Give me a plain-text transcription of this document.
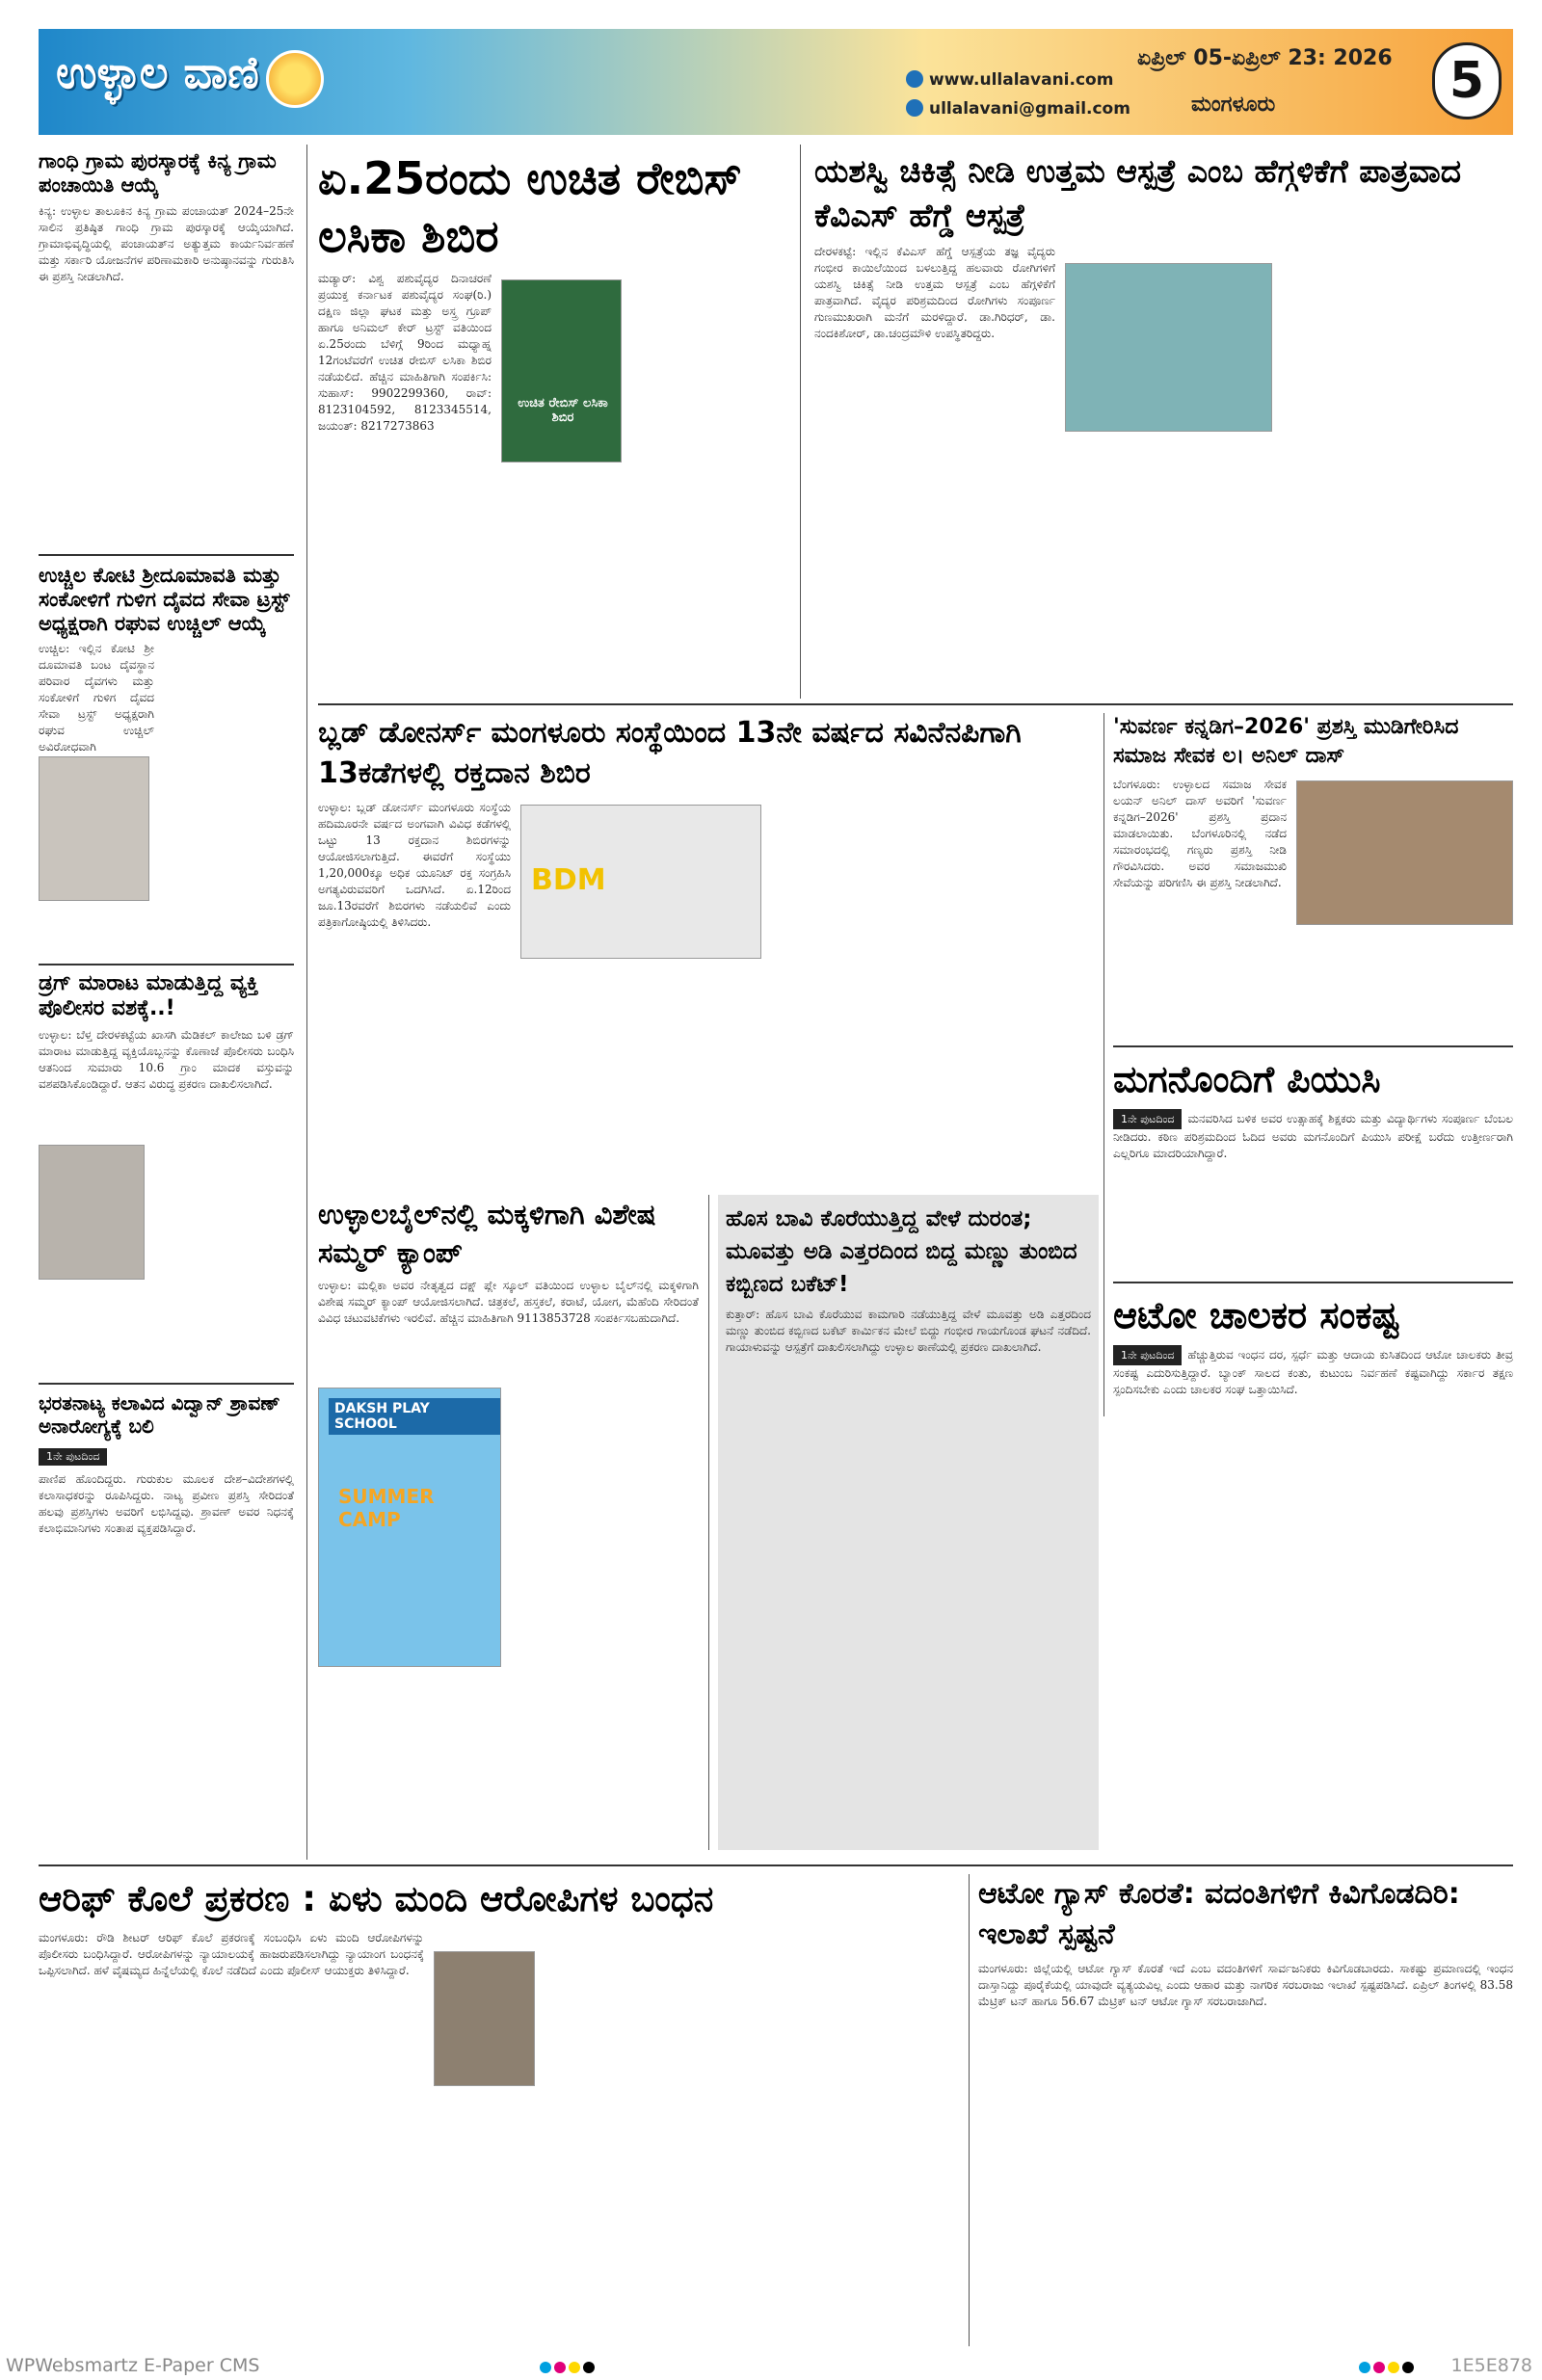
ಉಳ್ಳಾಲ ವಾಣಿ	www.ullalavani.com
ullalavani@gmail.com
ಏಪ್ರಿಲ್ 05-ಏಪ್ರಿಲ್ 23: 2026
ಮಂಗಳೂರು	5
ಗಾಂಧಿ ಗ್ರಾಮ ಪುರಸ್ಕಾರಕ್ಕೆ ಕಿನ್ಯ ಗ್ರಾಮ ಪಂಚಾಯಿತಿ ಆಯ್ಕೆ
ಕಿನ್ಯ: ಉಳ್ಳಾಲ ತಾಲೂಕಿನ ಕಿನ್ಯ ಗ್ರಾಮ ಪಂಚಾಯತ್ 2024–25ನೇ ಸಾಲಿನ ಪ್ರತಿಷ್ಠಿತ ಗಾಂಧಿ ಗ್ರಾಮ ಪುರಸ್ಕಾರಕ್ಕೆ ಆಯ್ಕೆಯಾಗಿದೆ. ಗ್ರಾಮಾಭಿವೃದ್ಧಿಯಲ್ಲಿ ಪಂಚಾಯತ್‌ನ ಅತ್ಯುತ್ತಮ ಕಾರ್ಯನಿರ್ವಹಣೆ ಮತ್ತು ಸರ್ಕಾರಿ ಯೋಜನೆಗಳ ಪರಿಣಾಮಕಾರಿ ಅನುಷ್ಠಾನವನ್ನು ಗುರುತಿಸಿ ಈ ಪ್ರಶಸ್ತಿ ನೀಡಲಾಗಿದೆ.
ಉಚ್ಚಿಲ ಕೋಟಿ ಶ್ರೀದೂಮಾವತಿ ಮತ್ತು ಸಂಕೋಳಿಗೆ ಗುಳಿಗ ದೈವದ ಸೇವಾ ಟ್ರಸ್ಟ್ ಅಧ್ಯಕ್ಷರಾಗಿ ರಘುವ ಉಚ್ಚಿಲ್ ಆಯ್ಕೆ
ಉಚ್ಚಿಲ: ಇಲ್ಲಿನ ಕೋಟಿ ಶ್ರೀ ದೂಮಾವತಿ ಬಂಟ ದೈವಸ್ಥಾನ ಪರಿವಾರ ದೈವಗಳು ಮತ್ತು ಸಂಕೋಳಿಗೆ ಗುಳಿಗ ದೈವದ ಸೇವಾ ಟ್ರಸ್ಟ್ ಅಧ್ಯಕ್ಷರಾಗಿ ರಘುವ ಉಚ್ಚಿಲ್ ಅವಿರೋಧವಾಗಿ
ಡ್ರಗ್ ಮಾರಾಟ ಮಾಡುತ್ತಿದ್ದ ವ್ಯಕ್ತಿ ಪೊಲೀಸರ ವಶಕ್ಕೆ..!
ಉಳ್ಳಾಲ: ಬೆಳ್ತ ದೇರಳಕಟ್ಟೆಯ ಖಾಸಗಿ ಮೆಡಿಕಲ್ ಕಾಲೇಜು ಬಳಿ ಡ್ರಗ್ ಮಾರಾಟ ಮಾಡುತ್ತಿದ್ದ ವ್ಯಕ್ತಿಯೊಬ್ಬನನ್ನು ಕೊಣಾಜೆ ಪೊಲೀಸರು ಬಂಧಿಸಿ ಆತನಿಂದ ಸುಮಾರು 10.6 ಗ್ರಾಂ ಮಾದಕ ವಸ್ತುವನ್ನು ವಶಪಡಿಸಿಕೊಂಡಿದ್ದಾರೆ. ಆತನ ವಿರುದ್ಧ ಪ್ರಕರಣ ದಾಖಲಿಸಲಾಗಿದೆ.
ಭರತನಾಟ್ಯ ಕಲಾವಿದ ವಿದ್ವಾನ್ ಶ್ರಾವಣ್ ಅನಾರೋಗ್ಯಕ್ಕೆ ಬಲಿ
1ನೇ ಪುಟದಿಂದ
ಪಾಣಿಪ ಹೊಂದಿದ್ದರು. ಗುರುಕುಲ ಮೂಲಕ ದೇಶ–ವಿದೇಶಗಳಲ್ಲಿ ಕಲಾಸಾಧಕರನ್ನು ರೂಪಿಸಿದ್ದರು. ನಾಟ್ಯ ಪ್ರವೀಣ ಪ್ರಶಸ್ತಿ ಸೇರಿದಂತೆ ಹಲವು ಪ್ರಶಸ್ತಿಗಳು ಅವರಿಗೆ ಲಭಿಸಿದ್ದವು. ಶ್ರಾವಣ್ ಅವರ ನಿಧನಕ್ಕೆ ಕಲಾಭಿಮಾನಿಗಳು ಸಂತಾಪ ವ್ಯಕ್ತಪಡಿಸಿದ್ದಾರೆ.
ಏ.25ರಂದು ಉಚಿತ ರೇಬಿಸ್ ಲಸಿಕಾ ಶಿಬಿರ
ಮಡ್ಯಾರ್: ವಿಶ್ವ ಪಶುವೈದ್ಯರ ದಿನಾಚರಣೆ ಪ್ರಯುಕ್ತ ಕರ್ನಾಟಕ ಪಶುವೈದ್ಯರ ಸಂಘ(ರಿ.) ದಕ್ಷಿಣ ಜಿಲ್ಲಾ ಘಟಕ ಮತ್ತು ಅಸ್ತ್ರ ಗ್ರೂಪ್ ಹಾಗೂ ಅನಿಮಲ್ ಕೇರ್ ಟ್ರಸ್ಟ್ ವತಿಯಿಂದ ಏ.25ರಂದು ಬೆಳಿಗ್ಗೆ 9ರಿಂದ ಮಧ್ಯಾಹ್ನ 12ಗಂಟೆವರೆಗೆ ಉಚಿತ ರೇಬಿಸ್ ಲಸಿಕಾ ಶಿಬಿರ ನಡೆಯಲಿದೆ. ಹೆಚ್ಚಿನ ಮಾಹಿತಿಗಾಗಿ ಸಂಪರ್ಕಿಸಿ: ಸುಹಾಸ್: 9902299360, ರಾವ್: 8123104592, 8123345514, ಜಯಂತ್: 8217273863
ಉಚಿತ ರೇಬಿಸ್ ಲಸಿಕಾ ಶಿಬಿರ
ಯಶಸ್ವಿ ಚಿಕಿತ್ಸೆ ನೀಡಿ ಉತ್ತಮ ಆಸ್ಪತ್ರೆ ಎಂಬ ಹೆಗ್ಗಳಿಕೆಗೆ ಪಾತ್ರವಾದ ಕೆವಿಎಸ್ ಹೆಗ್ಡೆ ಆಸ್ಪತ್ರೆ
ದೇರಳಕಟ್ಟೆ: ಇಲ್ಲಿನ ಕೆವಿಎಸ್ ಹೆಗ್ಡೆ ಆಸ್ಪತ್ರೆಯ ತಜ್ಞ ವೈದ್ಯರು ಗಂಭೀರ ಕಾಯಿಲೆಯಿಂದ ಬಳಲುತ್ತಿದ್ದ ಹಲವಾರು ರೋಗಿಗಳಿಗೆ ಯಶಸ್ವಿ ಚಿಕಿತ್ಸೆ ನೀಡಿ ಉತ್ತಮ ಆಸ್ಪತ್ರೆ ಎಂಬ ಹೆಗ್ಗಳಿಕೆಗೆ ಪಾತ್ರವಾಗಿದೆ. ವೈದ್ಯರ ಪರಿಶ್ರಮದಿಂದ ರೋಗಿಗಳು ಸಂಪೂರ್ಣ ಗುಣಮುಖರಾಗಿ ಮನೆಗೆ ಮರಳಿದ್ದಾರೆ. ಡಾ.ಗಿರಿಧರ್, ಡಾ. ನಂದಕಿಶೋರ್, ಡಾ.ಚಂದ್ರಮೌಳಿ ಉಪಸ್ಥಿತರಿದ್ದರು.
ಬ್ಲಡ್ ಡೋನರ್ಸ್ ಮಂಗಳೂರು ಸಂಸ್ಥೆಯಿಂದ 13ನೇ ವರ್ಷದ ಸವಿನೆನಪಿಗಾಗಿ 13ಕಡೆಗಳಲ್ಲಿ ರಕ್ತದಾನ ಶಿಬಿರ
ಉಳ್ಳಾಲ: ಬ್ಲಡ್ ಡೋನರ್ಸ್ ಮಂಗಳೂರು ಸಂಸ್ಥೆಯ ಹದಿಮೂರನೇ ವರ್ಷದ ಅಂಗವಾಗಿ ವಿವಿಧ ಕಡೆಗಳಲ್ಲಿ ಒಟ್ಟು 13 ರಕ್ತದಾನ ಶಿಬಿರಗಳನ್ನು ಆಯೋಜಿಸಲಾಗುತ್ತಿದೆ. ಈವರೆಗೆ ಸಂಸ್ಥೆಯು 1,20,000ಕ್ಕೂ ಅಧಿಕ ಯೂನಿಟ್ ರಕ್ತ ಸಂಗ್ರಹಿಸಿ ಅಗತ್ಯವಿರುವವರಿಗೆ ಒದಗಿಸಿದೆ. ಏ.12ರಿಂದ ಜೂ.13ರವರೆಗೆ ಶಿಬಿರಗಳು ನಡೆಯಲಿವೆ ಎಂದು ಪತ್ರಿಕಾಗೋಷ್ಠಿಯಲ್ಲಿ ತಿಳಿಸಿದರು.
BDM
'ಸುವರ್ಣ ಕನ್ನಡಿಗ–2026' ಪ್ರಶಸ್ತಿ ಮುಡಿಗೇರಿಸಿದ ಸಮಾಜ ಸೇವಕ ಲ। ಅನಿಲ್ ದಾಸ್
ಬೆಂಗಳೂರು: ಉಳ್ಳಾಲದ ಸಮಾಜ ಸೇವಕ ಲಯನ್ ಅನಿಲ್ ದಾಸ್ ಅವರಿಗೆ 'ಸುವರ್ಣ ಕನ್ನಡಿಗ–2026' ಪ್ರಶಸ್ತಿ ಪ್ರದಾನ ಮಾಡಲಾಯಿತು. ಬೆಂಗಳೂರಿನಲ್ಲಿ ನಡೆದ ಸಮಾರಂಭದಲ್ಲಿ ಗಣ್ಯರು ಪ್ರಶಸ್ತಿ ನೀಡಿ ಗೌರವಿಸಿದರು. ಅವರ ಸಮಾಜಮುಖಿ ಸೇವೆಯನ್ನು ಪರಿಗಣಿಸಿ ಈ ಪ್ರಶಸ್ತಿ ನೀಡಲಾಗಿದೆ.
ಮಗನೊಂದಿಗೆ ಪಿಯುಸಿ
1ನೇ ಪುಟದಿಂದ ಮನವರಿಸಿದ ಬಳಿಕ ಅವರ ಉತ್ಸಾಹಕ್ಕೆ ಶಿಕ್ಷಕರು ಮತ್ತು ವಿದ್ಯಾರ್ಥಿಗಳು ಸಂಪೂರ್ಣ ಬೆಂಬಲ ನೀಡಿದರು. ಕಠಿಣ ಪರಿಶ್ರಮದಿಂದ ಓದಿದ ಅವರು ಮಗನೊಂದಿಗೆ ಪಿಯುಸಿ ಪರೀಕ್ಷೆ ಬರೆದು ಉತ್ತೀರ್ಣರಾಗಿ ಎಲ್ಲರಿಗೂ ಮಾದರಿಯಾಗಿದ್ದಾರೆ.
ಆಟೋ ಚಾಲಕರ ಸಂಕಷ್ಟ
1ನೇ ಪುಟದಿಂದ ಹೆಚ್ಚುತ್ತಿರುವ ಇಂಧನ ದರ, ಸ್ಪರ್ಧೆ ಮತ್ತು ಆದಾಯ ಕುಸಿತದಿಂದ ಆಟೋ ಚಾಲಕರು ತೀವ್ರ ಸಂಕಷ್ಟ ಎದುರಿಸುತ್ತಿದ್ದಾರೆ. ಬ್ಯಾಂಕ್ ಸಾಲದ ಕಂತು, ಕುಟುಂಬ ನಿರ್ವಹಣೆ ಕಷ್ಟವಾಗಿದ್ದು ಸರ್ಕಾರ ತಕ್ಷಣ ಸ್ಪಂದಿಸಬೇಕು ಎಂದು ಚಾಲಕರ ಸಂಘ ಒತ್ತಾಯಿಸಿದೆ.
ಉಳ್ಳಾಲಬೈಲ್‌ನಲ್ಲಿ ಮಕ್ಕಳಿಗಾಗಿ ವಿಶೇಷ ಸಮ್ಮರ್ ಕ್ಯಾಂಪ್
ಉಳ್ಳಾಲ: ಮಲ್ಲಿಕಾ ಅವರ ನೇತೃತ್ವದ ದಕ್ಷ್ ಪ್ಲೇ ಸ್ಕೂಲ್ ವತಿಯಿಂದ ಉಳ್ಳಾಲ ಬೈಲ್‌ನಲ್ಲಿ ಮಕ್ಕಳಿಗಾಗಿ ವಿಶೇಷ ಸಮ್ಮರ್ ಕ್ಯಾಂಪ್ ಆಯೋಜಿಸಲಾಗಿದೆ. ಚಿತ್ರಕಲೆ, ಹಸ್ತಕಲೆ, ಕರಾಟೆ, ಯೋಗ, ಮೆಹೆಂದಿ ಸೇರಿದಂತೆ ವಿವಿಧ ಚಟುವಟಿಕೆಗಳು ಇರಲಿವೆ. ಹೆಚ್ಚಿನ ಮಾಹಿತಿಗಾಗಿ 9113853728 ಸಂಪರ್ಕಿಸಬಹುದಾಗಿದೆ.
DAKSH PLAY SCHOOL
SUMMER CAMP
ಹೊಸ ಬಾವಿ ಕೊರೆಯುತ್ತಿದ್ದ ವೇಳೆ ದುರಂತ; ಮೂವತ್ತು ಅಡಿ ಎತ್ತರದಿಂದ ಬಿದ್ದ ಮಣ್ಣು ತುಂಬಿದ ಕಬ್ಬಿಣದ ಬಕೆಟ್!
ಕುತ್ತಾರ್: ಹೊಸ ಬಾವಿ ಕೊರೆಯುವ ಕಾಮಗಾರಿ ನಡೆಯುತ್ತಿದ್ದ ವೇಳೆ ಮೂವತ್ತು ಅಡಿ ಎತ್ತರದಿಂದ ಮಣ್ಣು ತುಂಬಿದ ಕಬ್ಬಿಣದ ಬಕೆಟ್ ಕಾರ್ಮಿಕನ ಮೇಲೆ ಬಿದ್ದು ಗಂಭೀರ ಗಾಯಗೊಂಡ ಘಟನೆ ನಡೆದಿದೆ. ಗಾಯಾಳುವನ್ನು ಆಸ್ಪತ್ರೆಗೆ ದಾಖಲಿಸಲಾಗಿದ್ದು ಉಳ್ಳಾಲ ಠಾಣೆಯಲ್ಲಿ ಪ್ರಕರಣ ದಾಖಲಾಗಿದೆ.
ಆರಿಫ್ ಕೊಲೆ ಪ್ರಕರಣ : ಏಳು ಮಂದಿ ಆರೋಪಿಗಳ ಬಂಧನ
ಮಂಗಳೂರು: ರೌಡಿ ಶೀಟರ್ ಆರಿಫ್ ಕೊಲೆ ಪ್ರಕರಣಕ್ಕೆ ಸಂಬಂಧಿಸಿ ಏಳು ಮಂದಿ ಆರೋಪಿಗಳನ್ನು ಪೊಲೀಸರು ಬಂಧಿಸಿದ್ದಾರೆ. ಆರೋಪಿಗಳನ್ನು ನ್ಯಾಯಾಲಯಕ್ಕೆ ಹಾಜರುಪಡಿಸಲಾಗಿದ್ದು ನ್ಯಾಯಾಂಗ ಬಂಧನಕ್ಕೆ ಒಪ್ಪಿಸಲಾಗಿದೆ. ಹಳೆ ವೈಷಮ್ಯದ ಹಿನ್ನೆಲೆಯಲ್ಲಿ ಕೊಲೆ ನಡೆದಿದೆ ಎಂದು ಪೊಲೀಸ್ ಆಯುಕ್ತರು ತಿಳಿಸಿದ್ದಾರೆ.
ಆಟೋ ಗ್ಯಾಸ್ ಕೊರತೆ: ವದಂತಿಗಳಿಗೆ ಕಿವಿಗೊಡದಿರಿ: ಇಲಾಖೆ ಸ್ಪಷ್ಟನೆ
ಮಂಗಳೂರು: ಜಿಲ್ಲೆಯಲ್ಲಿ ಆಟೋ ಗ್ಯಾಸ್ ಕೊರತೆ ಇದೆ ಎಂಬ ವದಂತಿಗಳಿಗೆ ಸಾರ್ವಜನಿಕರು ಕಿವಿಗೊಡಬಾರದು. ಸಾಕಷ್ಟು ಪ್ರಮಾಣದಲ್ಲಿ ಇಂಧನ ದಾಸ್ತಾನಿದ್ದು ಪೂರೈಕೆಯಲ್ಲಿ ಯಾವುದೇ ವ್ಯತ್ಯಯವಿಲ್ಲ ಎಂದು ಆಹಾರ ಮತ್ತು ನಾಗರಿಕ ಸರಬರಾಜು ಇಲಾಖೆ ಸ್ಪಷ್ಟಪಡಿಸಿದೆ. ಏಪ್ರಿಲ್ ತಿಂಗಳಲ್ಲಿ 83.58 ಮೆಟ್ರಿಕ್ ಟನ್ ಹಾಗೂ 56.67 ಮೆಟ್ರಿಕ್ ಟನ್ ಆಟೋ ಗ್ಯಾಸ್ ಸರಬರಾಜಾಗಿದೆ.
WPWebsmartz E-Paper CMS	1E5E878
